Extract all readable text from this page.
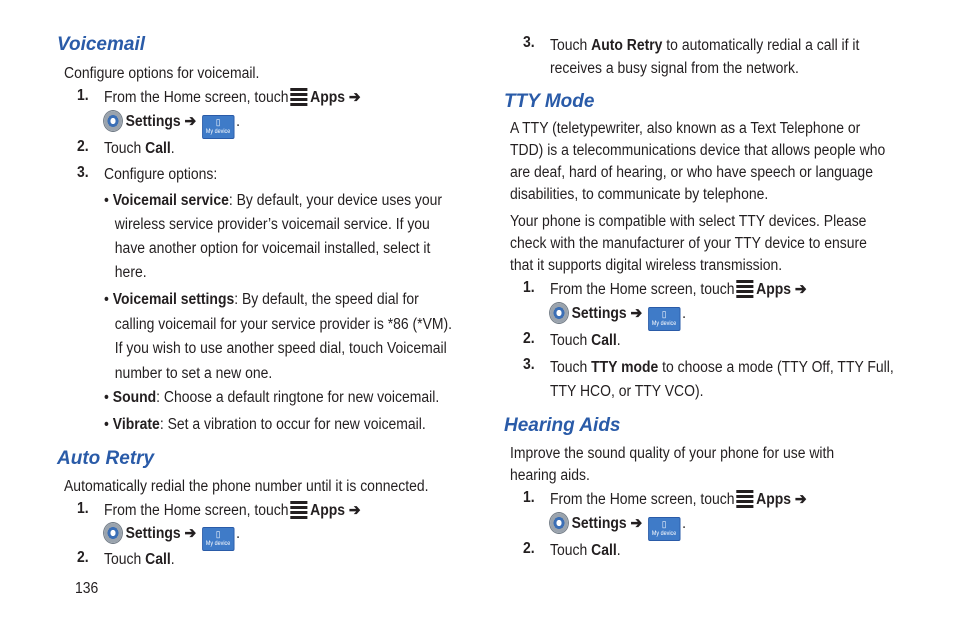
Voicemail
Configure options for voicemail.
1. From the Home screen, touch Apps ➔
Settings ➔	▯
My device.
2. Touch Call.
3. Configure options:
• Voicemail service: By default, your device uses your
wireless service provider’s voicemail service. If you
have another option for voicemail installed, select it
here.
• Voicemail settings: By default, the speed dial for
calling voicemail for your service provider is *86 (*VM).
If you wish to use another speed dial, touch Voicemail
number to set a new one.
• Sound: Choose a default ringtone for new voicemail.
• Vibrate: Set a vibration to occur for new voicemail.
Auto Retry
Automatically redial the phone number until it is connected.
1. From the Home screen, touch Apps ➔
Settings ➔	▯
My device.
2. Touch Call.
136
3. Touch Auto Retry to automatically redial a call if it
receives a busy signal from the network.
TTY Mode
A TTY (teletypewriter, also known as a Text Telephone or
TDD) is a telecommunications device that allows people who
are deaf, hard of hearing, or who have speech or language
disabilities, to communicate by telephone.
Your phone is compatible with select TTY devices. Please
check with the manufacturer of your TTY device to ensure
that it supports digital wireless transmission.
1. From the Home screen, touch Apps ➔
Settings ➔	▯
My device.
2. Touch Call.
3. Touch TTY mode to choose a mode (TTY Off, TTY Full,
TTY HCO, or TTY VCO).
Hearing Aids
Improve the sound quality of your phone for use with
hearing aids.
1. From the Home screen, touch Apps ➔
Settings ➔	▯
My device.
2. Touch Call.
